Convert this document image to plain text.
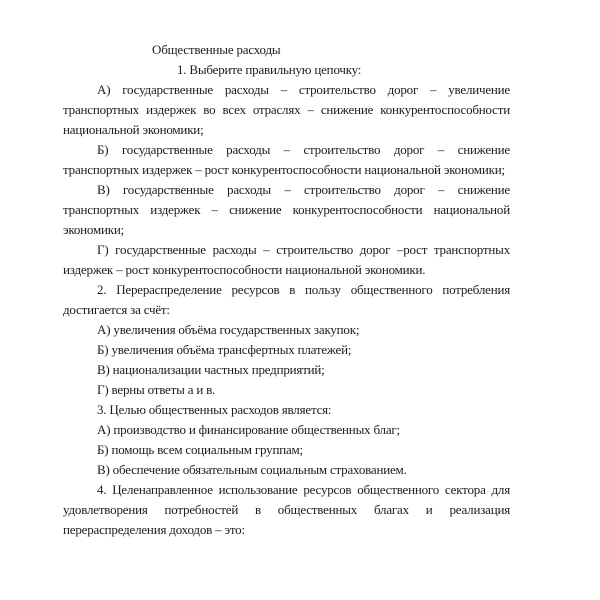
Общественные расходы

1. Выберите правильную цепочку:

А) государственные расходы – строительство дорог – увеличение транспортных издержек во всех отраслях – снижение конкурентоспособности национальной экономики;

Б) государственные расходы – строительство дорог – снижение транспортных издержек – рост конкурентоспособности национальной экономики;

В) государственные расходы – строительство дорог – снижение транспортных издержек – снижение конкурентоспособности национальной экономики;

Г) государственные расходы – строительство дорог –рост транспортных издержек – рост конкурентоспособности национальной экономики.

2. Перераспределение ресурсов в пользу общественного потребления достигается за счёт:

А) увеличения объёма государственных закупок;

Б) увеличения объёма трансфертных платежей;

В) национализации частных предприятий;

Г) верны ответы а и в.

3. Целью общественных расходов является:

А) производство и финансирование общественных благ;

Б) помощь всем социальным группам;

В) обеспечение обязательным социальным страхованием.

4. Целенаправленное использование ресурсов общественного сектора для удовлетворения потребностей в общественных благах и реализация перераспределения доходов – это:
